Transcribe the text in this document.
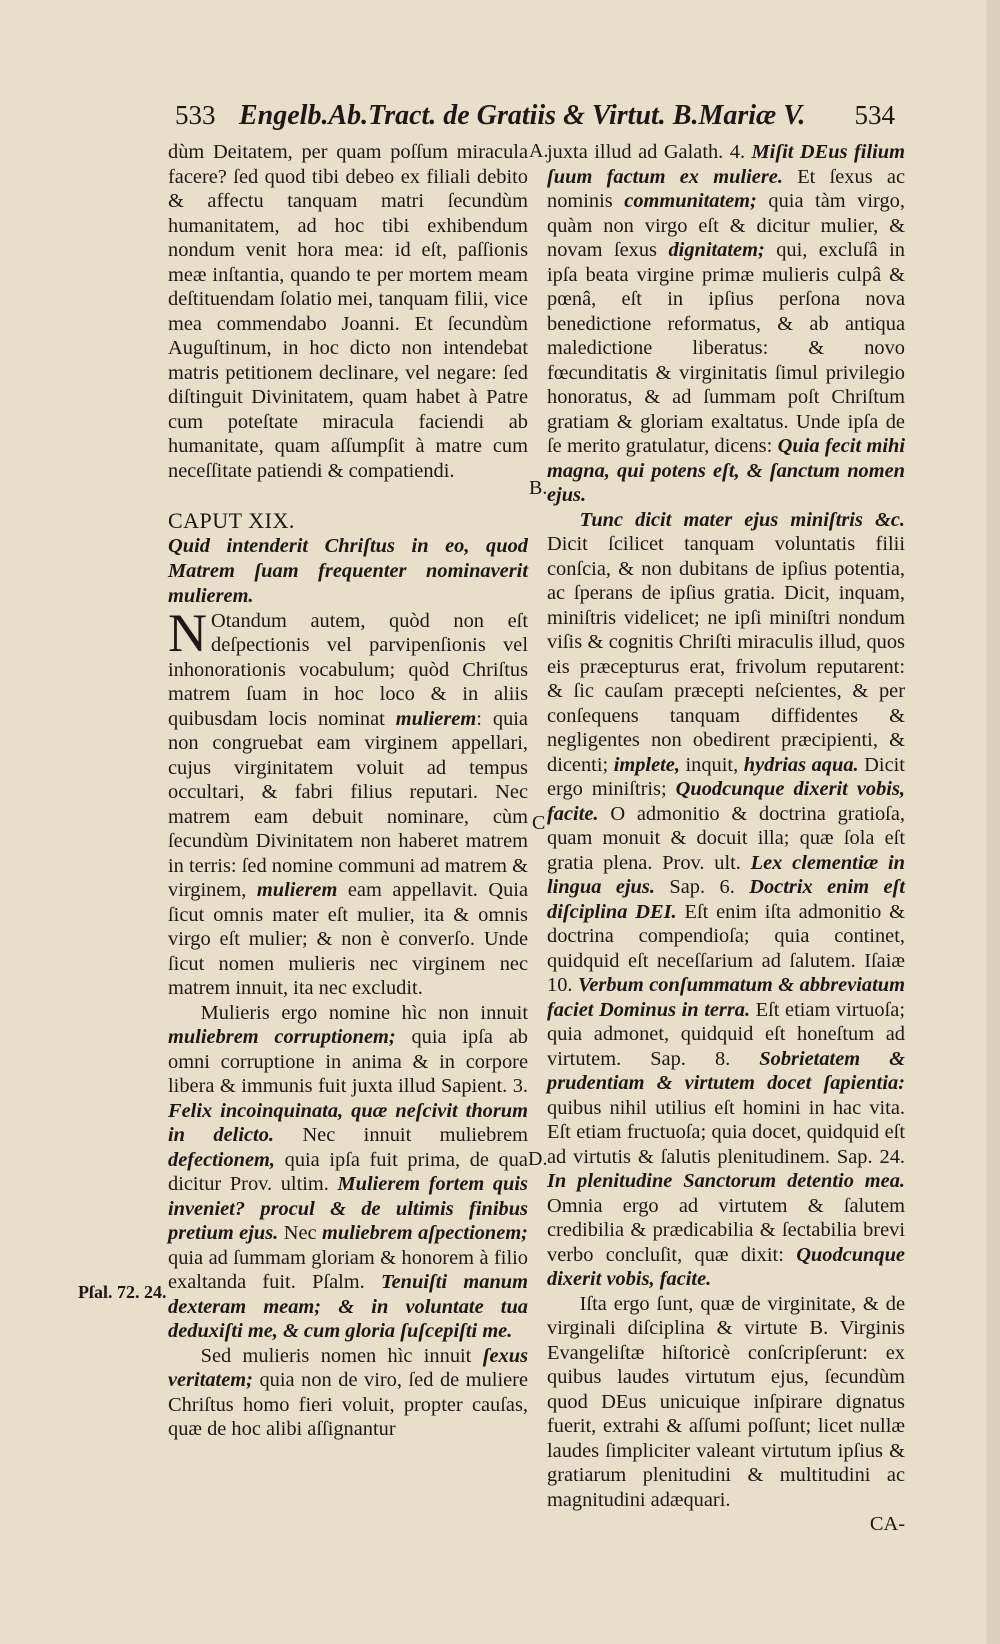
533 Engelb.Ab.Tract. de Gratiis & Virtut. B.Mariæ V. 534

dùm Deitatem, per quam poſſum miracula facere? ſed quod tibi debeo ex filiali debito & affectu tanquam matri ſecundùm humanitatem, ad hoc tibi exhibendum nondum venit hora mea: id eſt, paſſionis meæ inſtantia, quando te per mortem meam deſtituendam ſolatio mei, tanquam filii, vice mea commendabo Joanni. Et ſecundùm Auguſtinum, in hoc dicto non intendebat matris petitionem declinare, vel negare: ſed diſtinguit Divinitatem, quam habet à Patre cum poteſtate miracula faciendi ab humanitate, quam aſſumpſit à matre cum neceſſitate patiendi & compatiendi.

CAPUT XIX.

Quid intenderit Chriſtus in eo, quod Matrem ſuam frequenter nominaverit mulierem.

N Otandum autem, quòd non eſt deſpectionis vel parvipenſionis vel inhonorationis vocabulum; quòd Chriſtus matrem ſuam in hoc loco & in aliis quibusdam locis nominat mulierem: quia non congruebat eam virginem appellari, cujus virginitatem voluit ad tempus occultari, & fabri filius reputari. Nec matrem eam debuit nominare, cùm ſecundùm Divinitatem non haberet matrem in terris: ſed nomine communi ad matrem & virginem, mulierem eam appellavit. Quia ſicut omnis mater eſt mulier, ita & omnis virgo eſt mulier; & non è converſo. Unde ſicut nomen mulieris nec virginem nec matrem innuit, ita nec excludit.

Mulieris ergo nomine hìc non innuit muliebrem corruptionem; quia ipſa ab omni corruptione in anima & in corpore libera & immunis fuit juxta illud Sapient. 3. Felix incoinquinata, quæ neſcivit thorum in delicto. Nec innuit muliebrem defectionem, quia ipſa fuit prima, de qua dicitur Prov. ultim. Mulierem fortem quis inveniet? procul & de ultimis finibus pretium ejus. Nec muliebrem aſpectionem; quia ad ſummam gloriam & honorem à filio exaltanda fuit. Pſalm. Tenuiſti manum dexteram meam; & in voluntate tua deduxiſti me, & cum gloria ſuſcepiſti me.

Sed mulieris nomen hìc innuit ſexus veritatem; quia non de viro, ſed de muliere Chriſtus homo fieri voluit, propter cauſas, quæ de hoc alibi aſſignantur

juxta illud ad Galath. 4. Miſit DEus filium ſuum factum ex muliere. Et ſexus ac nominis communitatem; quia tàm virgo, quàm non virgo eſt & dicitur mulier, & novam ſexus dignitatem; qui, excluſâ in ipſa beata virgine primæ mulieris culpâ & pœnâ, eſt in ipſius perſona nova benedictione reformatus, & ab antiqua maledictione liberatus: & novo fœcunditatis & virginitatis ſimul privilegio honoratus, & ad ſummam poſt Chriſtum gratiam & gloriam exaltatus. Unde ipſa de ſe merito gratulatur, dicens: Quia fecit mihi magna, qui potens eſt, & ſanctum nomen ejus.

Tunc dicit mater ejus miniſtris &c. Dicit ſcilicet tanquam voluntatis filii conſcia, & non dubitans de ipſius potentia, ac ſperans de ipſius gratia. Dicit, inquam, miniſtris videlicet; ne ipſi miniſtri nondum viſis & cognitis Chriſti miraculis illud, quos eis præcepturus erat, frivolum reputarent: & ſic cauſam præcepti neſcientes, & per conſequens tanquam diffidentes & negligentes non obedirent præcipienti, & dicenti; implete, inquit, hydrias aqua. Dicit ergo miniſtris; Quodcunque dixerit vobis, facite. O admonitio & doctrina gratioſa, quam monuit & docuit illa; quæ ſola eſt gratia plena. Prov. ult. Lex clementiæ in lingua ejus. Sap. 6. Doctrix enim eſt diſciplina DEI. Eſt enim iſta admonitio & doctrina compendioſa; quia continet, quidquid eſt neceſſarium ad ſalutem. Iſaiæ 10. Verbum conſummatum & abbreviatum faciet Dominus in terra. Eſt etiam virtuoſa; quia admonet, quidquid eſt honeſtum ad virtutem. Sap. 8. Sobrietatem & prudentiam & virtutem docet ſapientia: quibus nihil utilius eſt homini in hac vita. Eſt etiam fructuoſa; quia docet, quidquid eſt ad virtutis & ſalutis plenitudinem. Sap. 24. In plenitudine Sanctorum detentio mea. Omnia ergo ad virtutem & ſalutem credibilia & prædicabilia & ſectabilia brevi verbo concluſit, quæ dixit: Quodcunque dixerit vobis, facite.

Iſta ergo ſunt, quæ de virginitate, & de virginali diſciplina & virtute B. Virginis Evangeliſtæ hiſtoricè conſcripſerunt: ex quibus laudes virtutum ejus, ſecundùm quod DEus unicuique inſpirare dignatus fuerit, extrahi & aſſumi poſſunt; licet nullæ laudes ſimpliciter valeant virtutum ipſius & gratiarum plenitudini & multitudini ac magnitudini adæquari.

CA-

A.
B.
C
D.
Pſal. 72. 24.
